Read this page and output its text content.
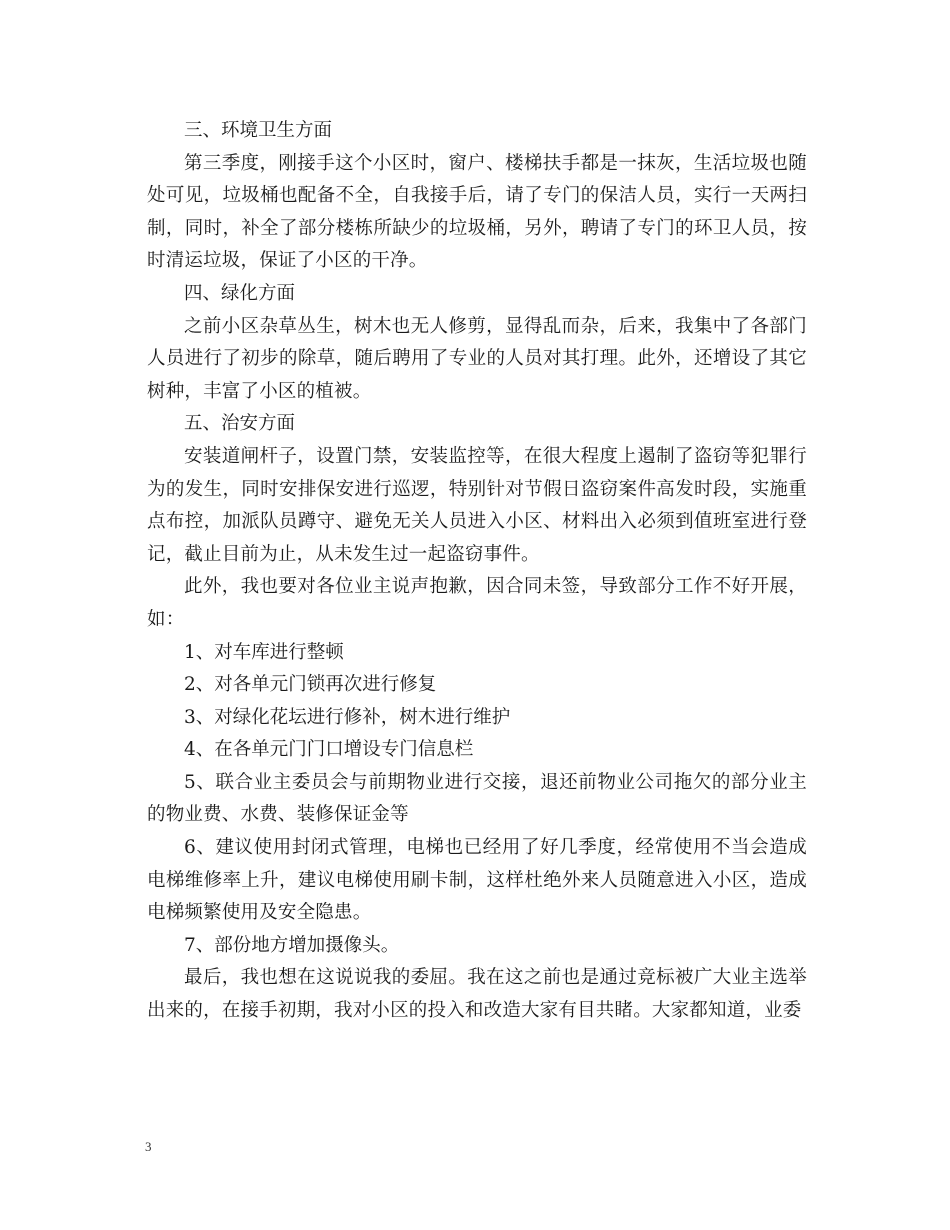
三、环境卫生方面

第三季度，刚接手这个小区时，窗户、楼梯扶手都是一抹灰，生活垃圾也随处可见，垃圾桶也配备不全，自我接手后，请了专门的保洁人员，实行一天两扫制，同时，补全了部分楼栋所缺少的垃圾桶，另外，聘请了专门的环卫人员，按时清运垃圾，保证了小区的干净。

四、绿化方面

之前小区杂草丛生，树木也无人修剪，显得乱而杂，后来，我集中了各部门人员进行了初步的除草，随后聘用了专业的人员对其打理。此外，还增设了其它树种，丰富了小区的植被。

五、治安方面

安装道闸杆子，设置门禁，安装监控等，在很大程度上遏制了盗窃等犯罪行为的发生，同时安排保安进行巡逻，特别针对节假日盗窃案件高发时段，实施重点布控，加派队员蹲守、避免无关人员进入小区、材料出入必须到值班室进行登记，截止目前为止，从未发生过一起盗窃事件。

此外，我也要对各位业主说声抱歉，因合同未签，导致部分工作不好开展，如：

1、对车库进行整顿

2、对各单元门锁再次进行修复

3、对绿化花坛进行修补，树木进行维护

4、在各单元门门口增设专门信息栏

5、联合业主委员会与前期物业进行交接，退还前物业公司拖欠的部分业主的物业费、水费、装修保证金等

6、建议使用封闭式管理，电梯也已经用了好几季度，经常使用不当会造成电梯维修率上升，建议电梯使用刷卡制，这样杜绝外来人员随意进入小区，造成电梯频繁使用及安全隐患。

7、部份地方增加摄像头。

最后，我也想在这说说我的委屈。我在这之前也是通过竞标被广大业主选举出来的，在接手初期，我对小区的投入和改造大家有目共睹。大家都知道，业委

3
